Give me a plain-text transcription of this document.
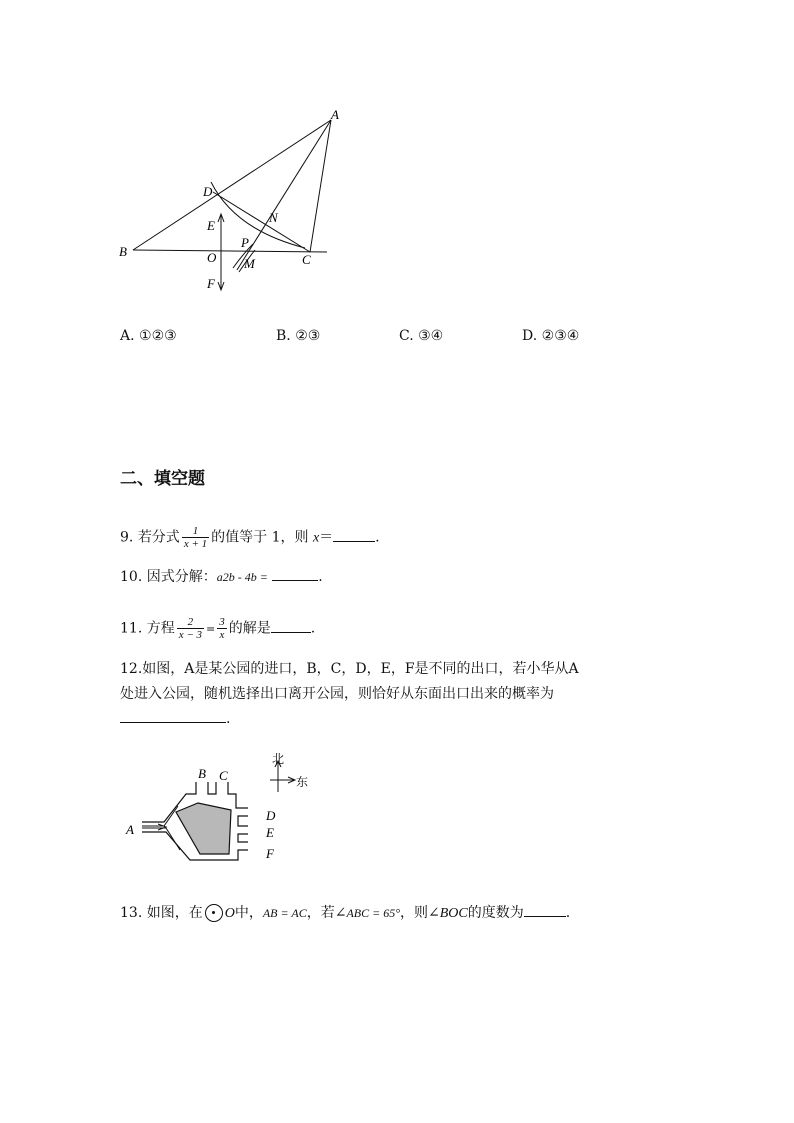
A
B
C
D
E
F
O
P
N
M
A. ①②③	B. ②③	C. ③④	D. ②③④
二、填空题
9. 若分式 $\frac{1}{x + 1}$ 的值等于 1，则 x＝	.
10. 因式分解：a2b - 4b =	.
11. 方程 $\frac{2}{x - 3} = \frac{3}{x}$ 的解是	.
12.如图，A是某公园的进口，B，C，D，E，F是不同的出口，若小华从A
处进入公园，随机选择出口离开公园，则恰好从东面出口出来的概率为
.
A
B C
D
E
F
北
东
13. 如图，在 O中，AB = AC，若∠ABC = 65°，则∠BOC的度数为	.
